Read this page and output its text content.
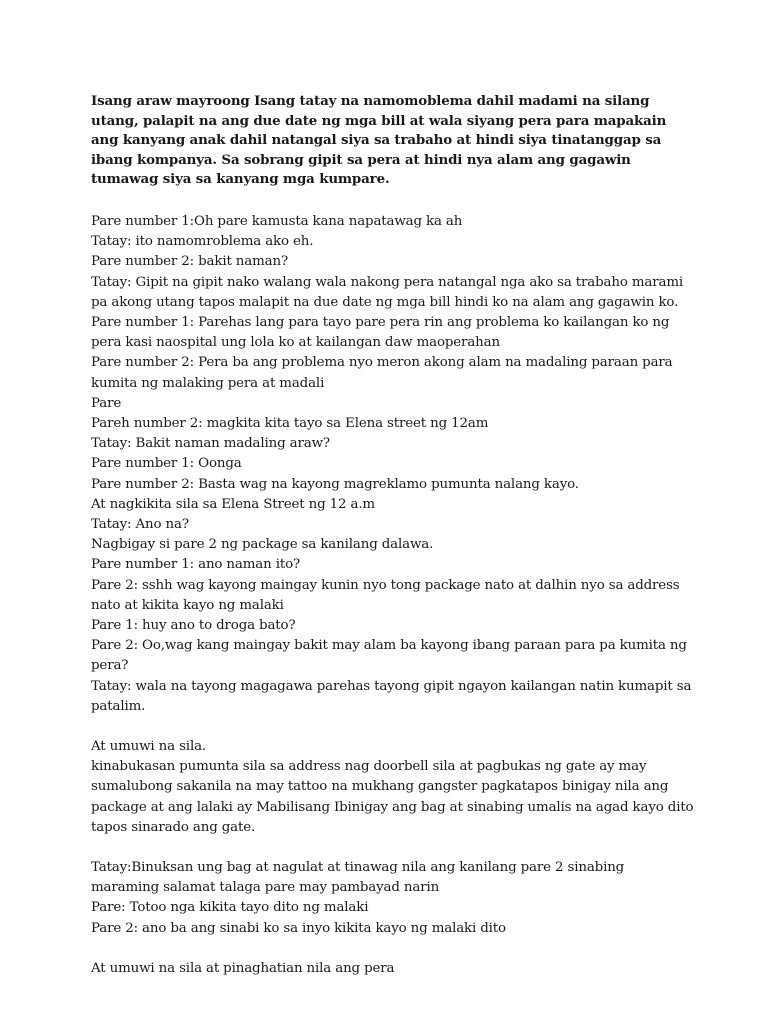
Isang araw mayroong Isang tatay na namomoblema dahil madami na silang utang, palapit na ang due date ng mga bill at wala siyang pera para mapakain ang kanyang anak dahil natangal siya sa trabaho at hindi siya tinatanggap sa ibang kompanya. Sa sobrang gipit sa pera at hindi nya alam ang gagawin tumawag siya sa kanyang mga kumpare.

Pare number 1:Oh pare kamusta kana napatawag ka ah
Tatay: ito namomroblema ako eh.
Pare number 2: bakit naman?
Tatay: Gipit na gipit nako walang wala nakong pera natangal nga ako sa trabaho marami pa akong utang tapos malapit na due date ng mga bill hindi ko na alam ang gagawin ko.
Pare number 1: Parehas lang para tayo pare pera rin ang problema ko kailangan ko ng pera kasi naospital ung lola ko at kailangan daw maoperahan
Pare number 2: Pera ba ang problema nyo meron akong alam na madaling paraan para kumita ng malaking pera at madali
Pare
Pareh number 2: magkita kita tayo sa Elena street ng 12am
Tatay: Bakit naman madaling araw?
Pare number 1: Oonga
Pare number 2: Basta wag na kayong magreklamo pumunta nalang kayo.
At nagkikita sila sa Elena Street ng 12 a.m
Tatay: Ano na?
Nagbigay si pare 2 ng package sa kanilang dalawa.
Pare number 1: ano naman ito?
Pare 2: sshh wag kayong maingay kunin nyo tong package nato at dalhin nyo sa address nato at kikita kayo ng malaki
Pare 1: huy ano to droga bato?
Pare 2: Oo,wag kang maingay bakit may alam ba kayong ibang paraan para pa kumita ng pera?
Tatay: wala na tayong magagawa parehas tayong gipit ngayon kailangan natin kumapit sa patalim.
At umuwi na sila.
kinabukasan pumunta sila sa address nag doorbell sila at pagbukas ng gate ay may sumalubong sakanila na may tattoo na mukhang gangster pagkatapos binigay nila ang package at ang lalaki ay Mabilisang Ibinigay ang bag at sinabing umalis na agad kayo dito tapos sinarado ang gate.
Tatay:Binuksan ung bag at nagulat at tinawag nila ang kanilang pare 2 sinabing maraming salamat talaga pare may pambayad narin
Pare: Totoo nga kikita tayo dito ng malaki
Pare 2: ano ba ang sinabi ko sa inyo kikita kayo ng malaki dito
At umuwi na sila at pinaghatian nila ang pera
